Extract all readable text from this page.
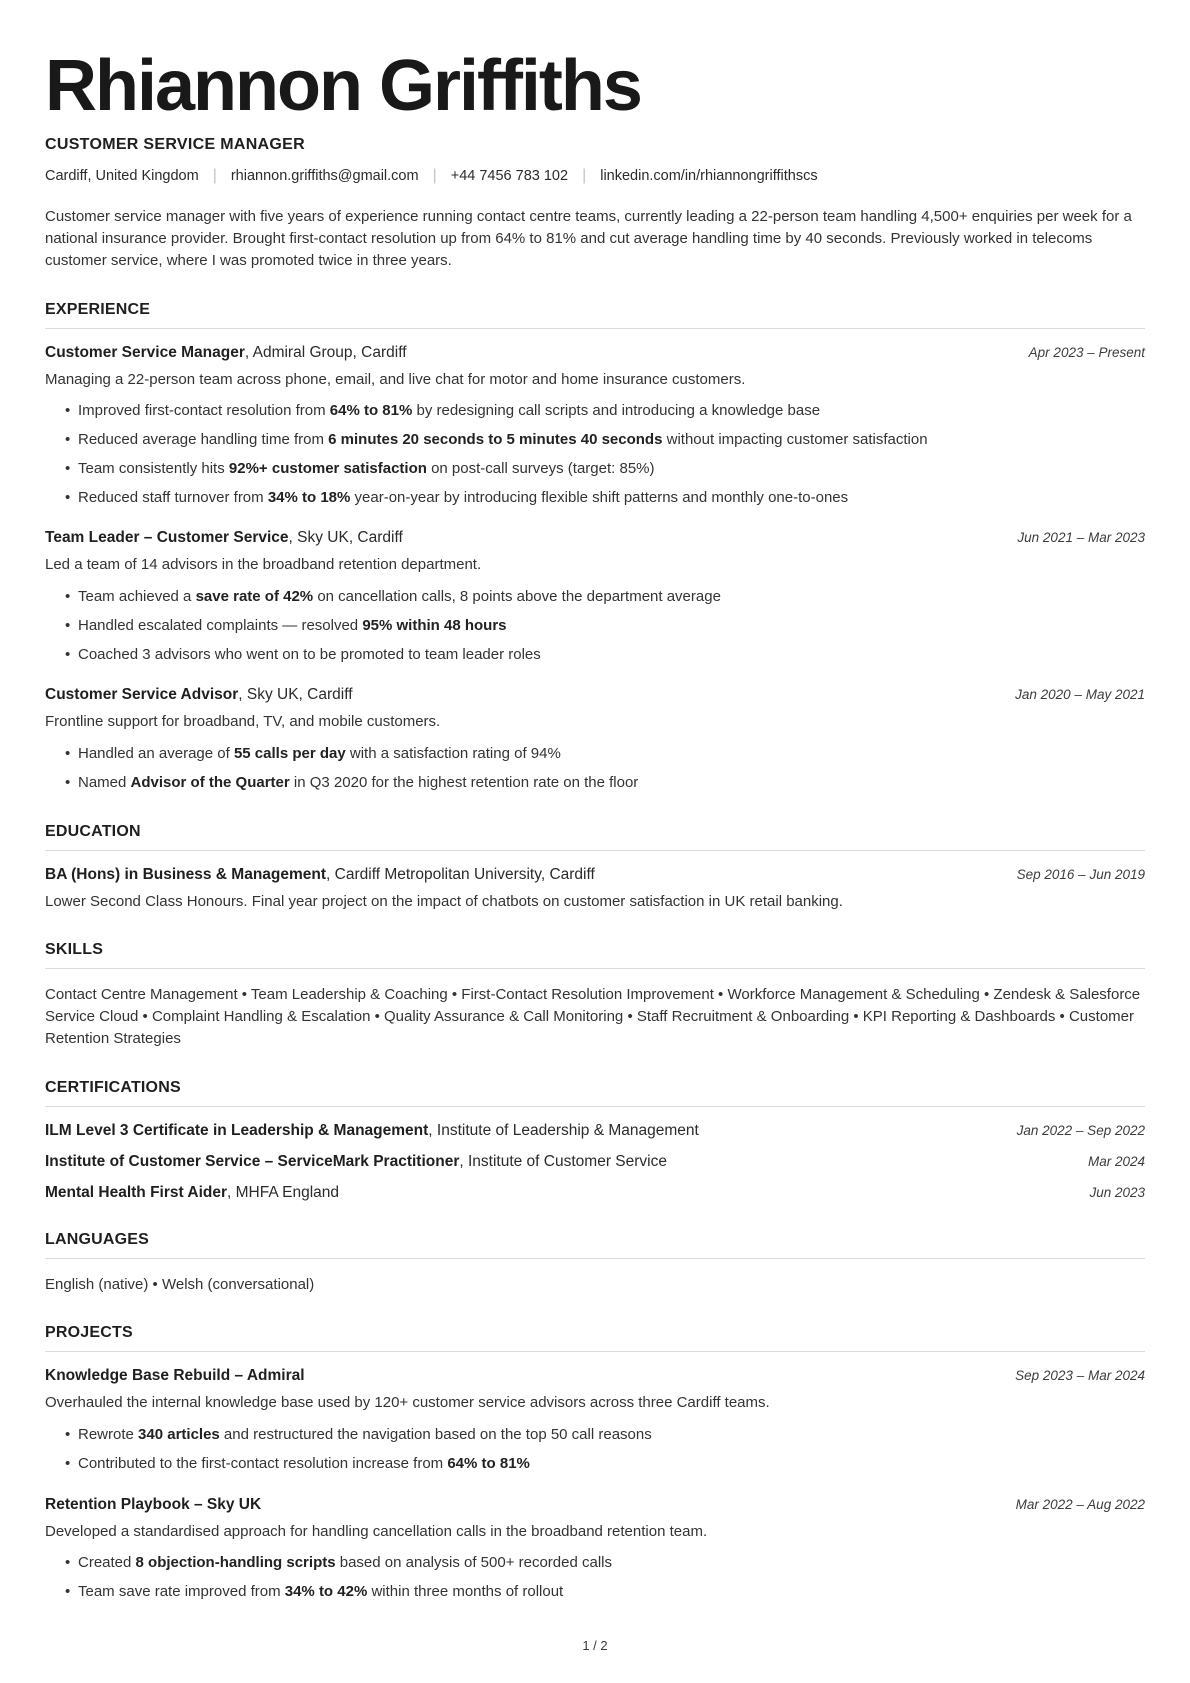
Rhiannon Griffiths
CUSTOMER SERVICE MANAGER
Cardiff, United Kingdom | rhiannon.griffiths@gmail.com | +44 7456 783 102 | linkedin.com/in/rhiannongriffithscs
Customer service manager with five years of experience running contact centre teams, currently leading a 22-person team handling 4,500+ enquiries per week for a national insurance provider. Brought first-contact resolution up from 64% to 81% and cut average handling time by 40 seconds. Previously worked in telecoms customer service, where I was promoted twice in three years.
EXPERIENCE
Customer Service Manager, Admiral Group, Cardiff	Apr 2023 – Present
Managing a 22-person team across phone, email, and live chat for motor and home insurance customers.
• Improved first-contact resolution from 64% to 81% by redesigning call scripts and introducing a knowledge base
• Reduced average handling time from 6 minutes 20 seconds to 5 minutes 40 seconds without impacting customer satisfaction
• Team consistently hits 92%+ customer satisfaction on post-call surveys (target: 85%)
• Reduced staff turnover from 34% to 18% year-on-year by introducing flexible shift patterns and monthly one-to-ones
Team Leader – Customer Service, Sky UK, Cardiff	Jun 2021 – Mar 2023
Led a team of 14 advisors in the broadband retention department.
• Team achieved a save rate of 42% on cancellation calls, 8 points above the department average
• Handled escalated complaints — resolved 95% within 48 hours
• Coached 3 advisors who went on to be promoted to team leader roles
Customer Service Advisor, Sky UK, Cardiff	Jan 2020 – May 2021
Frontline support for broadband, TV, and mobile customers.
• Handled an average of 55 calls per day with a satisfaction rating of 94%
• Named Advisor of the Quarter in Q3 2020 for the highest retention rate on the floor
EDUCATION
BA (Hons) in Business & Management, Cardiff Metropolitan University, Cardiff	Sep 2016 – Jun 2019
Lower Second Class Honours. Final year project on the impact of chatbots on customer satisfaction in UK retail banking.
SKILLS
Contact Centre Management • Team Leadership & Coaching • First-Contact Resolution Improvement • Workforce Management & Scheduling • Zendesk & Salesforce Service Cloud • Complaint Handling & Escalation • Quality Assurance & Call Monitoring • Staff Recruitment & Onboarding • KPI Reporting & Dashboards • Customer Retention Strategies
CERTIFICATIONS
ILM Level 3 Certificate in Leadership & Management, Institute of Leadership & Management	Jan 2022 – Sep 2022
Institute of Customer Service – ServiceMark Practitioner, Institute of Customer Service	Mar 2024
Mental Health First Aider, MHFA England	Jun 2023
LANGUAGES
English (native) • Welsh (conversational)
PROJECTS
Knowledge Base Rebuild – Admiral	Sep 2023 – Mar 2024
Overhauled the internal knowledge base used by 120+ customer service advisors across three Cardiff teams.
• Rewrote 340 articles and restructured the navigation based on the top 50 call reasons
• Contributed to the first-contact resolution increase from 64% to 81%
Retention Playbook – Sky UK	Mar 2022 – Aug 2022
Developed a standardised approach for handling cancellation calls in the broadband retention team.
• Created 8 objection-handling scripts based on analysis of 500+ recorded calls
• Team save rate improved from 34% to 42% within three months of rollout
1 / 2
